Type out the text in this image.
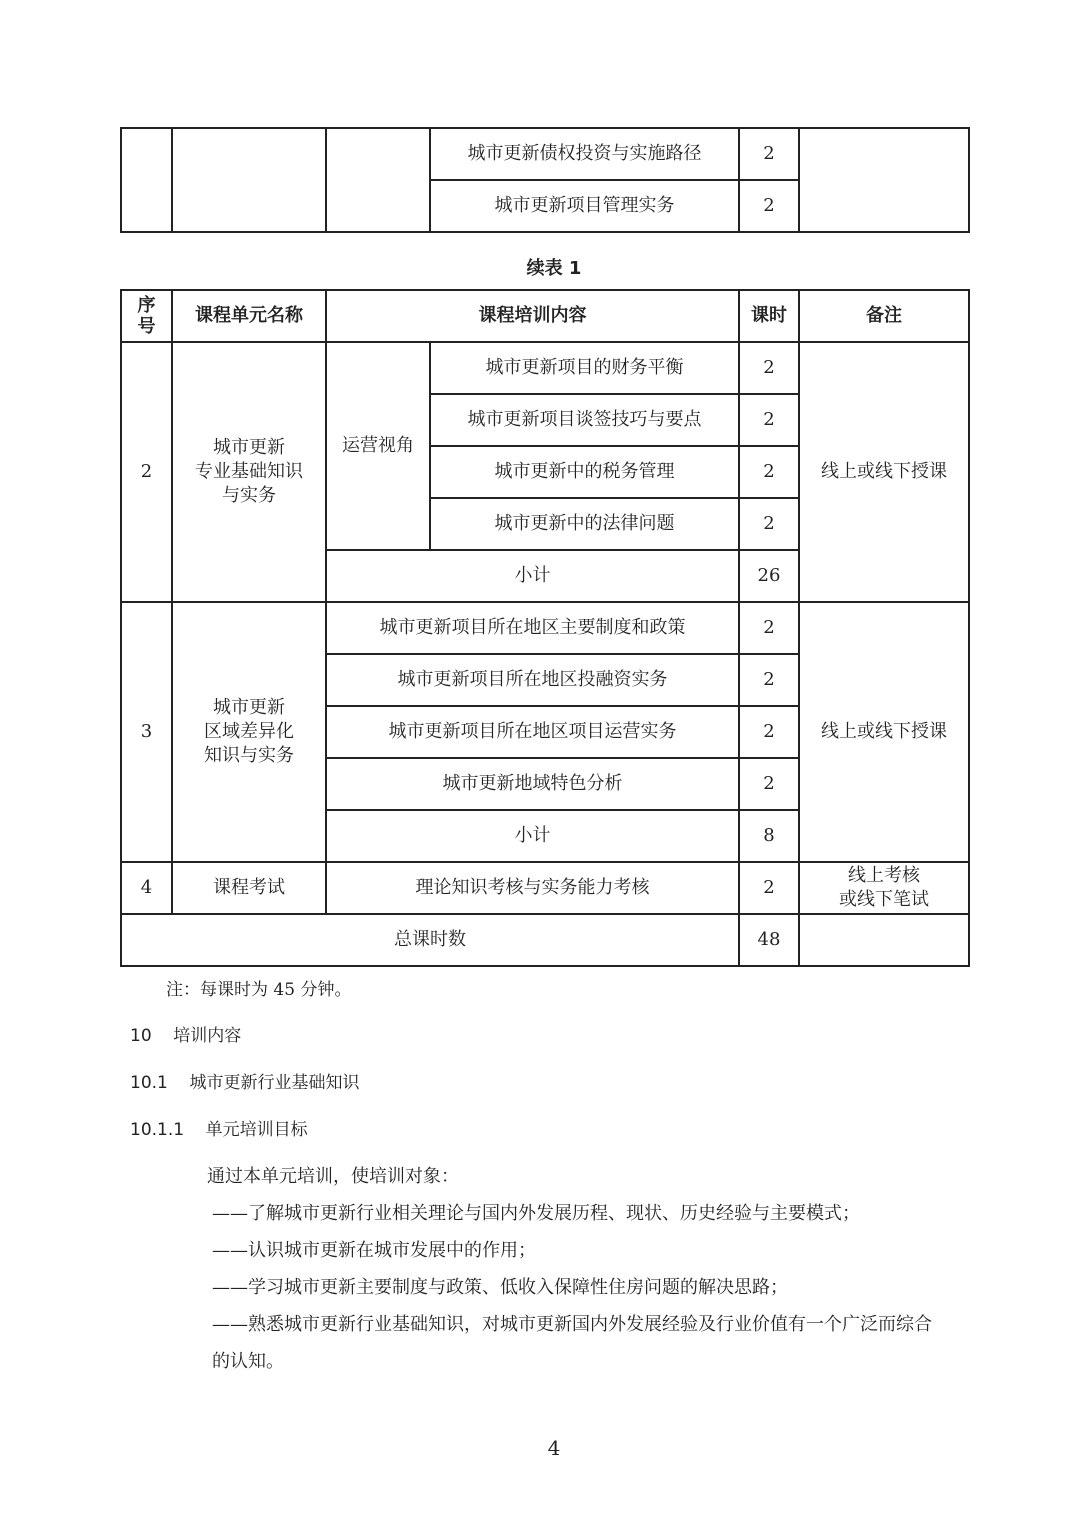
			城市更新债权投资与实施路径	2	
			城市更新项目管理实务	2	
续表 1
序
号	课程单元名称	课程培训内容		课时	备注
2	城市更新
专业基础知识
与实务	运营视角	城市更新项目的财务平衡	2	线上或线下授课
			城市更新项目谈签技巧与要点	2	
			城市更新中的税务管理	2	
			城市更新中的法律问题	2	
		小计		26	
3	城市更新
区域差异化
知识与实务	城市更新项目所在地区主要制度和政策		2	线上或线下授课
		城市更新项目所在地区投融资实务		2	
		城市更新项目所在地区项目运营实务		2	
		城市更新地域特色分析		2	
		小计		8	
4	课程考试	理论知识考核与实务能力考核		2	线上考核
或线下笔试
总课时数				48	
注：每课时为 45 分钟。
10    培训内容
10.1    城市更新行业基础知识
10.1.1    单元培训目标
通过本单元培训，使培训对象：
——了解城市更新行业相关理论与国内外发展历程、现状、历史经验与主要模式；
——认识城市更新在城市发展中的作用；
——学习城市更新主要制度与政策、低收入保障性住房问题的解决思路；
——熟悉城市更新行业基础知识，对城市更新国内外发展经验及行业价值有一个广泛而综合
的认知。
4
